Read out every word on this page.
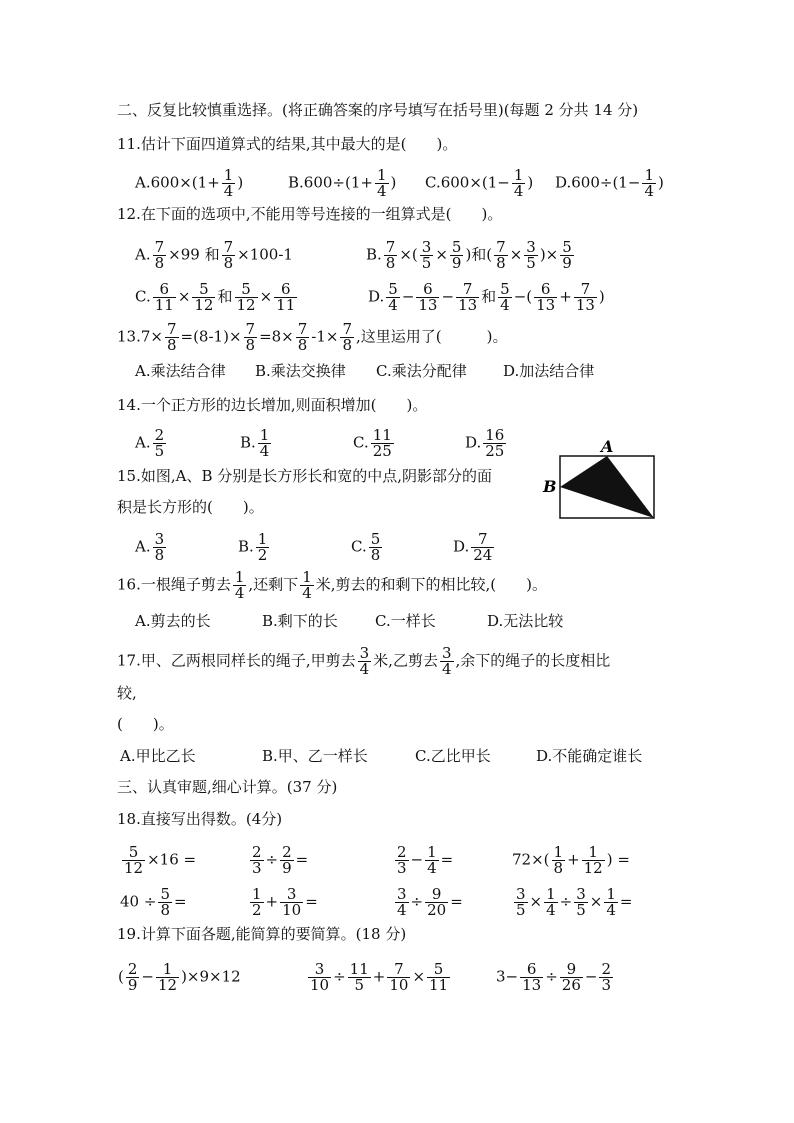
二、反复比较慎重选择。(将正确答案的序号填写在括号里)(每题 2 分共 14 分)
11.估计下面四道算式的结果,其中最大的是(　　)。
$A.600\times(1+ \frac{1}{4}$ )	$B.600\div(1+ \frac{1}{4}$ ) $C.600\times(1- \frac{1}{4}$ ) $D.600\div(1- \frac{1}{4}$ )
12.在下面的选项中,不能用等号连接的一组算式是(　　)。
A. $\frac{7}{8} \times 99$ 和 $\frac{7}{8} \times 100-1$	B. $\frac{7}{8}$ ×( $\frac{3}{5} \times \frac{5}{9}$ )和( $\frac{7}{8} \times \frac{3}{5}$ )× $\frac{5}{9}$
C. $\frac{6}{11} \times \frac{5}{12}$ 和 $\frac{5}{12} \times \frac{6}{11}$	D. $\frac{5}{4} - \frac{6}{13} - \frac{7}{13}$ 和 $\frac{5}{4}$ −( $\frac{6}{13} + \frac{7}{13}$ )
$13.7\times \frac{7}{8} =(8-1)\times \frac{7}{8} =8\times \frac{7}{8} -1\times \frac{7}{8}$ ,这里运用了(　　　)。
A.乘法结合律 B.乘法交换律 C.乘法分配律 D.加法结合律
14.一个正方形的边长增加,则面积增加(　　)。
A. $\frac{2}{5}$	B. $\frac{1}{4}$	C. $\frac{11}{25}$	D. $\frac{16}{25}$
15.如图,A、B 分别是长方形长和宽的中点,阴影部分的面
积是长方形的(　　)。
A
B
A. $\frac{3}{8}$	B. $\frac{1}{2}$	C. $\frac{5}{8}$	D. $\frac{7}{24}$
16.一根绳子剪去 $\frac{1}{4}$ ,还剩下 $\frac{1}{4}$ 米,剪去的和剩下的相比较,(　　)。
A.剪去的长	B.剩下的长 C.一样长	D.无法比较
17.甲、乙两根同样长的绳子,甲剪去 $\frac{3}{4}$ 米,乙剪去 $\frac{3}{4}$ ,余下的绳子的长度相比
较,
(　　)。
A.甲比乙长	B.甲、乙一样长	C.乙比甲长	D.不能确定谁长
三、认真审题,细心计算。(37 分)
18.直接写出得数。(4分)
$\frac{5}{12} \times 16$ =	$\frac{2}{3} \div \frac{2}{9}$ =	$\frac{2}{3} - \frac{1}{4}$ =	$72\times( \frac{1}{8} + \frac{1}{12}$ ) =
$40 \div \frac{5}{8}$ =	$\frac{1}{2} + \frac{3}{10}$ =	$\frac{3}{4} \div \frac{9}{20}$ =	$\frac{3}{5} \times \frac{1}{4} \div \frac{3}{5} \times \frac{1}{4}$ =
19.计算下面各题,能简算的要简算。(18 分)
( $\frac{2}{9} - \frac{1}{12} )\times 9\times 12$	$\frac{3}{10} \div \frac{11}{5} + \frac{7}{10} \times \frac{5}{11}$	$3- \frac{6}{13} \div \frac{9}{26} - \frac{2}{3}$
